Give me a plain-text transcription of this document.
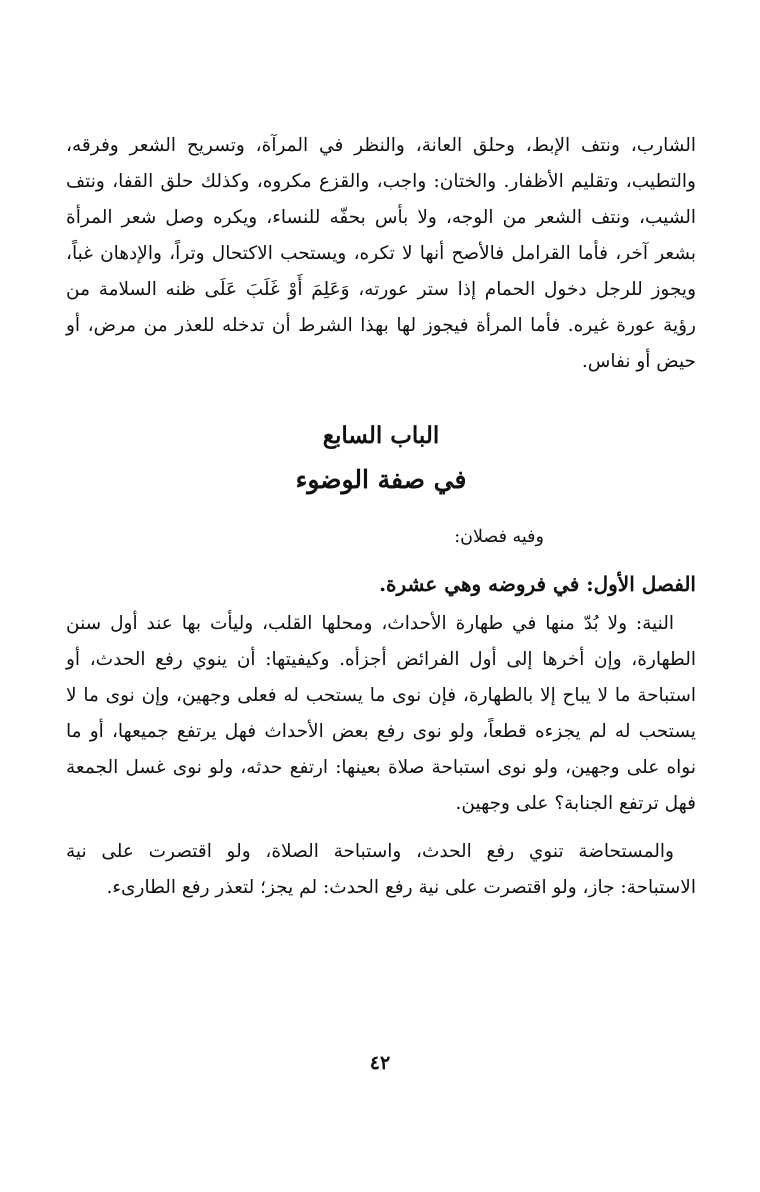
الشارب، ونتف الإبط، وحلق العانة، والنظر في المرآة، وتسريح الشعر وفرقه، والتطيب، وتقليم الأظفار. والختان: واجب، والقزع مكروه، وكذلك حلق القفا، ونتف الشيب، ونتف الشعر من الوجه، ولا بأس بحفّه للنساء، ويكره وصل شعر المرأة بشعر آخر، فأما القرامل فالأصح أنها لا تكره، ويستحب الاكتحال وتراً، والإدهان غباً، ويجوز للرجل دخول الحمام إذا ستر عورته، وَعَلِمَ أَوْ غَلَبَ عَلَى ظنه السلامة من رؤية عورة غيره. فأما المرأة فيجوز لها بهذا الشرط أن تدخله للعذر من مرض، أو حيض أو نفاس.

الباب السابع
في صفة الوضوء

وفيه فصلان:

الفصل الأول: في فروضه وهي عشرة.

النية: ولا بُدّ منها في طهارة الأحداث، ومحلها القلب، وليأت بها عند أول سنن الطهارة، وإن أخرها إلى أول الفرائض أجزأه. وكيفيتها: أن ينوي رفع الحدث، أو استباحة ما لا يباح إلا بالطهارة، فإن نوى ما يستحب له فعلى وجهين، وإن نوى ما لا يستحب له لم يجزءه قطعاً، ولو نوى رفع بعض الأحداث فهل يرتفع جميعها، أو ما نواه على وجهين، ولو نوى استباحة صلاة بعينها: ارتفع حدثه، ولو نوى غسل الجمعة فهل ترتفع الجنابة؟ على وجهين.

والمستحاضة تنوي رفع الحدث، واستباحة الصلاة، ولو اقتصرت على نية الاستباحة: جاز، ولو اقتصرت على نية رفع الحدث: لم يجز؛ لتعذر رفع الطارىء.

٤٢
